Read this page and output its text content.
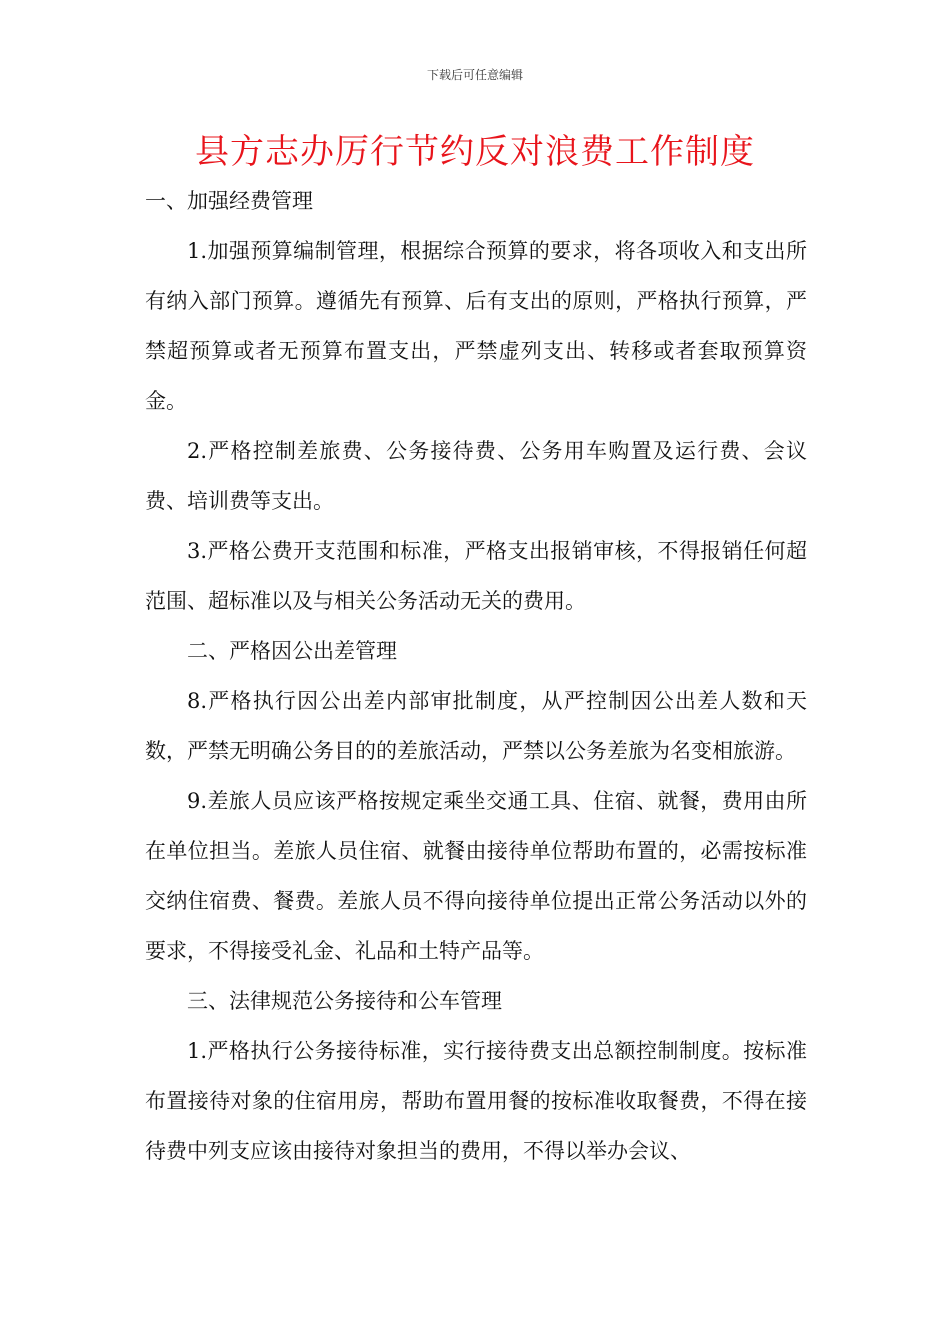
下载后可任意编辑
县方志办厉行节约反对浪费工作制度

一、加强经费管理

1.加强预算编制管理，根据综合预算的要求，将各项收入和支出所有纳入部门预算。遵循先有预算、后有支出的原则，严格执行预算，严禁超预算或者无预算布置支出，严禁虚列支出、转移或者套取预算资金。

2.严格控制差旅费、公务接待费、公务用车购置及运行费、会议费、培训费等支出。

3.严格公费开支范围和标准，严格支出报销审核，不得报销任何超范围、超标准以及与相关公务活动无关的费用。

二、严格因公出差管理

8.严格执行因公出差内部审批制度，从严控制因公出差人数和天数，严禁无明确公务目的的差旅活动，严禁以公务差旅为名变相旅游。

9.差旅人员应该严格按规定乘坐交通工具、住宿、就餐，费用由所在单位担当。差旅人员住宿、就餐由接待单位帮助布置的，必需按标准交纳住宿费、餐费。差旅人员不得向接待单位提出正常公务活动以外的要求，不得接受礼金、礼品和土特产品等。

三、法律规范公务接待和公车管理

1.严格执行公务接待标准，实行接待费支出总额控制制度。按标准布置接待对象的住宿用房，帮助布置用餐的按标准收取餐费，不得在接待费中列支应该由接待对象担当的费用，不得以举办会议、
